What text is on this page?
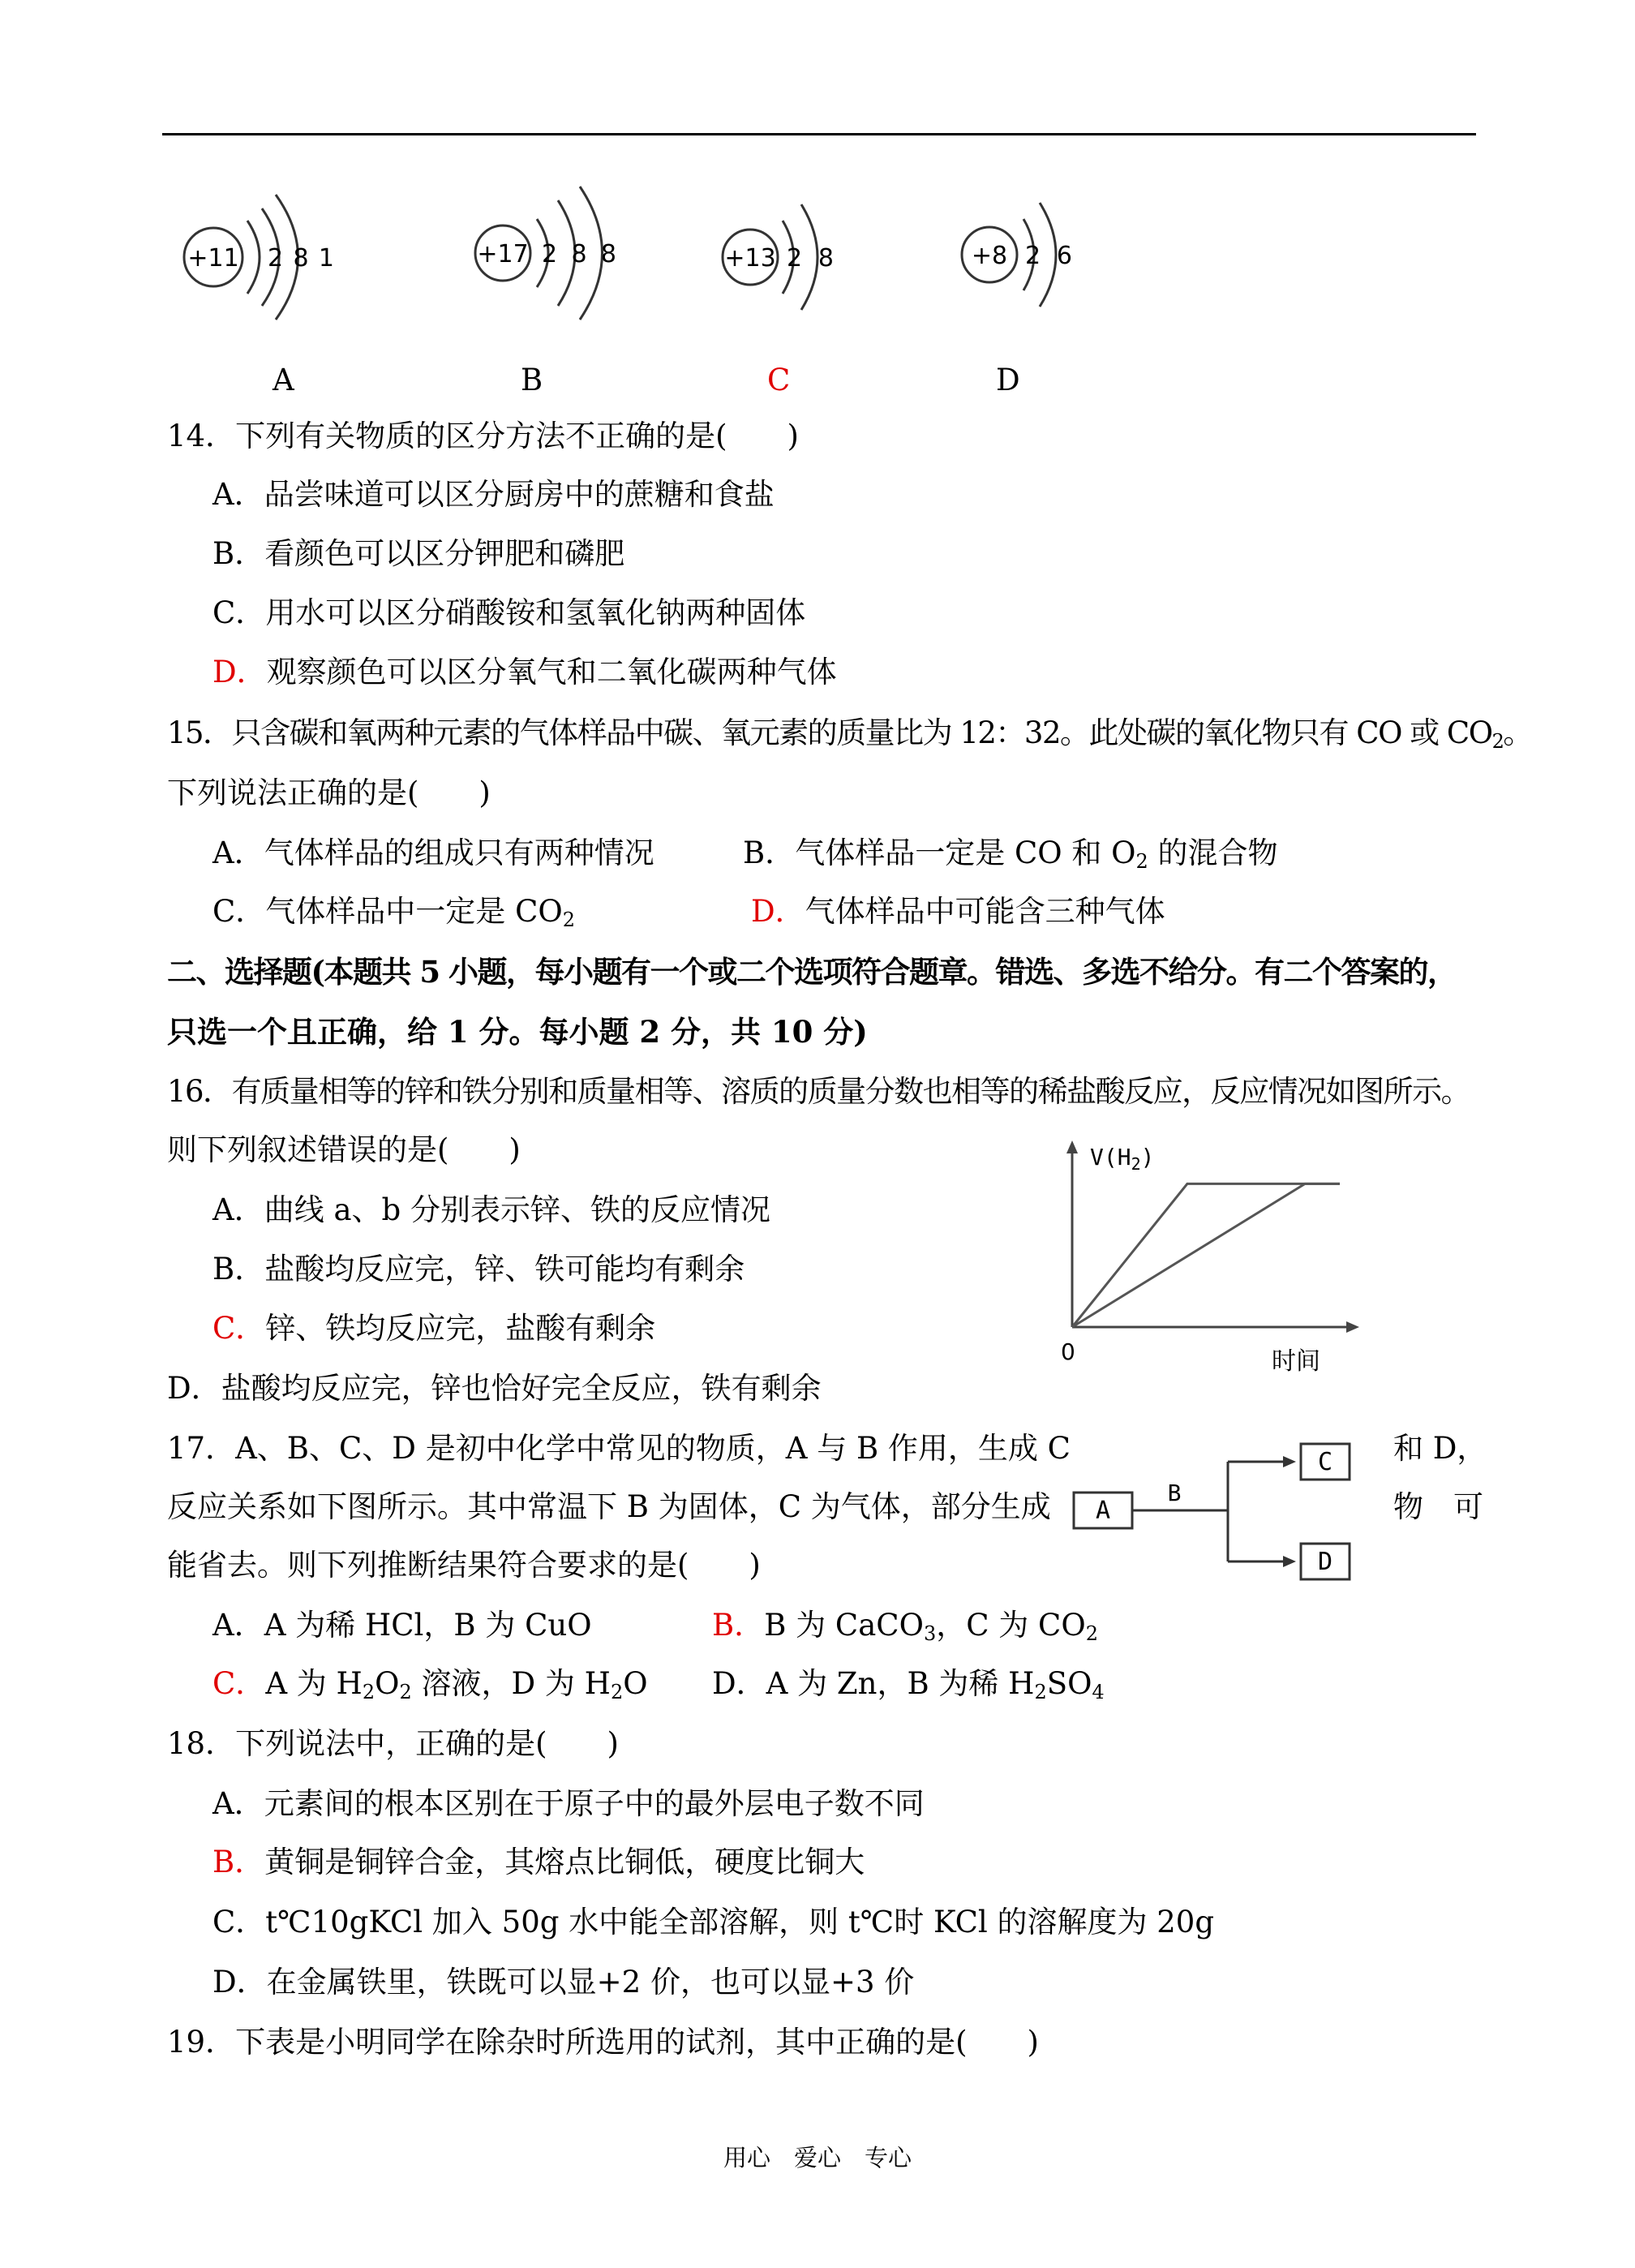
+11 2 8 1	+17 2 8 8	+13 2 8	+8 2 6
A	B	C	D
14．下列有关物质的区分方法不正确的是(　　)
A．品尝味道可以区分厨房中的蔗糖和食盐
B．看颜色可以区分钾肥和磷肥
C．用水可以区分硝酸铵和氢氧化钠两种固体
D．观察颜色可以区分氧气和二氧化碳两种气体
15．只含碳和氧两种元素的气体样品中碳、氧元素的质量比为 12：32。此处碳的氧化物只有 CO 或 $CO_2$。
下列说法正确的是(　　)
A．气体样品的组成只有两种情况	B．气体样品一定是 CO 和 $O_2$ 的混合物
C．气体样品中一定是 $CO_2$	D．气体样品中可能含三种气体
二、选择题(本题共 5 小题，每小题有一个或二个选项符合题章。错选、多选不给分。有二个答案的，
只选一个且正确，给 1 分。每小题 2 分，共 10 分)
16．有质量相等的锌和铁分别和质量相等、溶质的质量分数也相等的稀盐酸反应，反应情况如图所示。
则下列叙述错误的是(　　)
A．曲线 a、b 分别表示锌、铁的反应情况
B．盐酸均反应完，锌、铁可能均有剩余
C．锌、铁均反应完，盐酸有剩余
D．盐酸均反应完，锌也恰好完全反应，铁有剩余
$V(H_2)$
0	时间
17．A、B、C、D 是初中化学中常见的物质，A 与 B 作用，生成 C	和 D，
反应关系如下图所示。其中常温下 B 为固体，C 为气体，部分生成	物　可
能省去。则下列推断结果符合要求的是(　　)
A
B
C
D
A．A 为稀 HCl，B 为 CuO	B．B 为 CaCO$_3$，C 为 $CO_2$
C．A 为 $H_2O_2$ 溶液，D 为 $H_2O$ D．A 为 Zn，B 为稀 $H_2SO_4$
18．下列说法中，正确的是(　　)
A．元素间的根本区别在于原子中的最外层电子数不同
B．黄铜是铜锌合金，其熔点比铜低，硬度比铜大
C．t℃10gKCl 加入 50g 水中能全部溶解，则 t℃时 KCl 的溶解度为 20g
D．在金属铁里，铁既可以显+2 价，也可以显+3 价
19．下表是小明同学在除杂时所选用的试剂，其中正确的是(　　)
用心　爱心　专心
